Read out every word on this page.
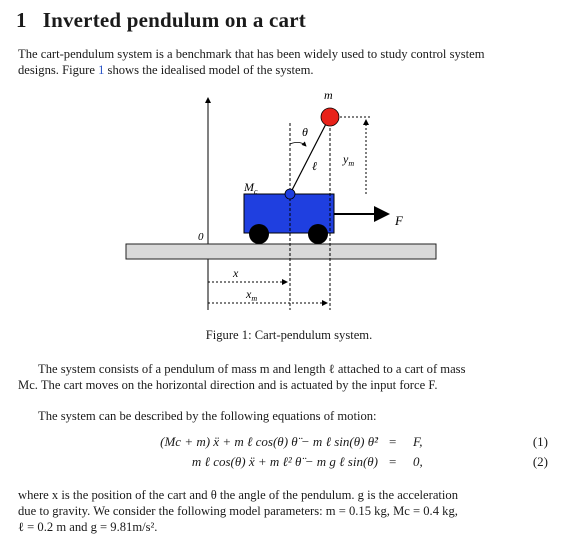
1 Inverted pendulum on a cart
The cart-pendulum system is a benchmark that has been widely used to study control system
designs. Figure 1 shows the idealised model of the system.
0
F
$M_c$
θ
ℓ
m
$y_m$
x
$x_m$
Figure 1: Cart-pendulum system.
The system consists of a pendulum of mass m and length ℓ attached to a cart of mass
Mc. The cart moves on the horizontal direction and is actuated by the input force F.
The system can be described by the following equations of motion:
(Mc + m) ẍ + m ℓ cos(θ) θ̈ − m ℓ sin(θ) θ̇² = F,	(1)
m ℓ cos(θ) ẍ + m ℓ² θ̈ − m g ℓ sin(θ) = 0,	(2)
where x is the position of the cart and θ the angle of the pendulum. g is the acceleration
due to gravity. We consider the following model parameters: m = 0.15 kg, Mc = 0.4 kg,
ℓ = 0.2 m and g = 9.81m/s².
